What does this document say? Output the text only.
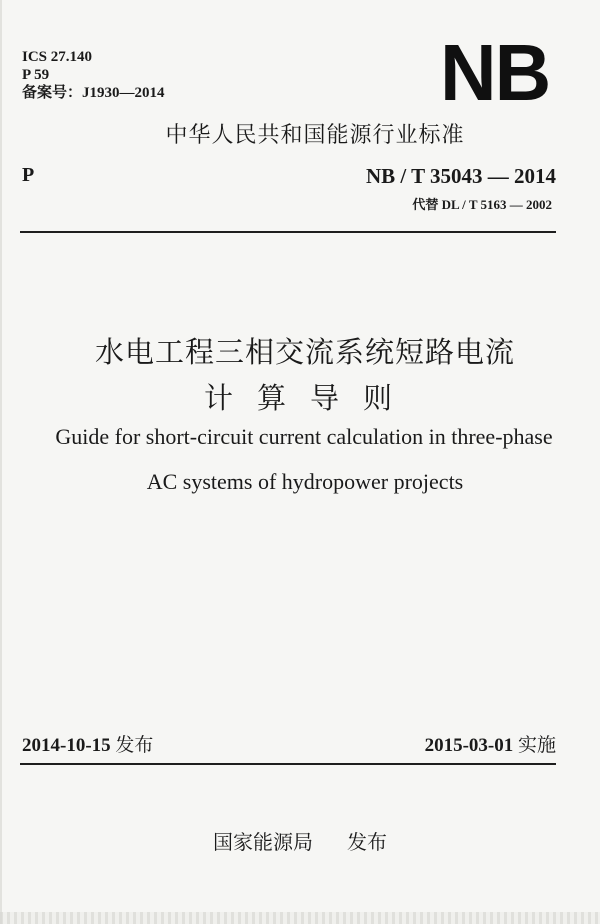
ICS 27.140
P 59
备案号：J1930—2014	NB
中华人民共和国能源行业标准
P	NB / T 35043 — 2014
代替 DL / T 5163 — 2002
水电工程三相交流系统短路电流
计算导则
Guide for short-circuit current calculation in three-phase
AC systems of hydropower projects
2014-10-15 发布	2015-03-01 实施
国家能源局 发布
